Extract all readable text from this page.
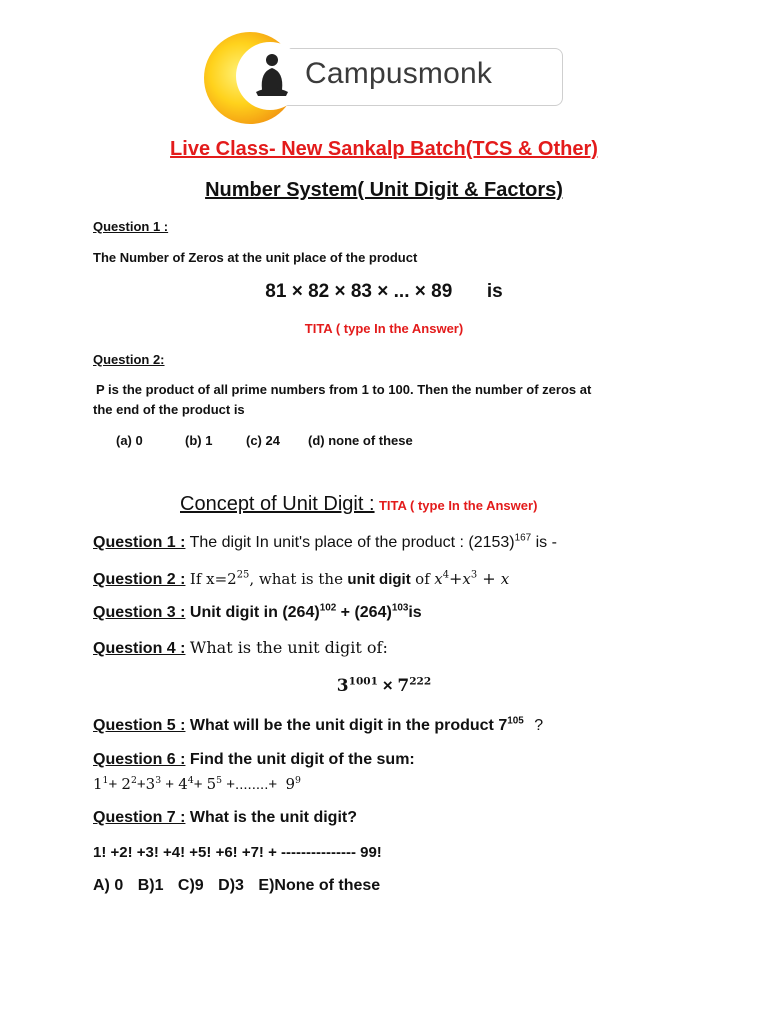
Campusmonk
Live Class- New Sankalp Batch(TCS & Other)
Number System( Unit Digit & Factors)
Question 1 :
The Number of Zeros at the unit place of the product
81 × 82 × 83 × ... × 89 is
TITA ( type In the Answer)
Question 2:
P is the product of all prime numbers from 1 to 100. Then the number of zeros at
the end of the product is
(a) 0	(b) 1	(c) 24 (d) none of these
Concept of Unit Digit : TITA ( type In the Answer)
Question 1 : The digit In unit's place of the product : $(2153)^{167}$ is -
Question 2 : If $x=2^{25}$, what is the unit digit of $x^4+x^3 + x$
Question 3 : Unit digit in $(264)^{102} + (264)^{103}is$
Question 4 : What is the unit digit of:
$3^{1001} \times 7^{222}$
Question 5 : What will be the unit digit in the product $7^{105}$ ?
Question 6 : Find the unit digit of the sum:
$1^1+ 2^2+3^3 + 4^4+ 5^5$ +........+  $9^9$
Question 7 : What is the unit digit?
1! +2! +3! +4! +5! +6! +7! + --------------- 99!
A) 0 B)1 C)9 D)3 E)None of these
